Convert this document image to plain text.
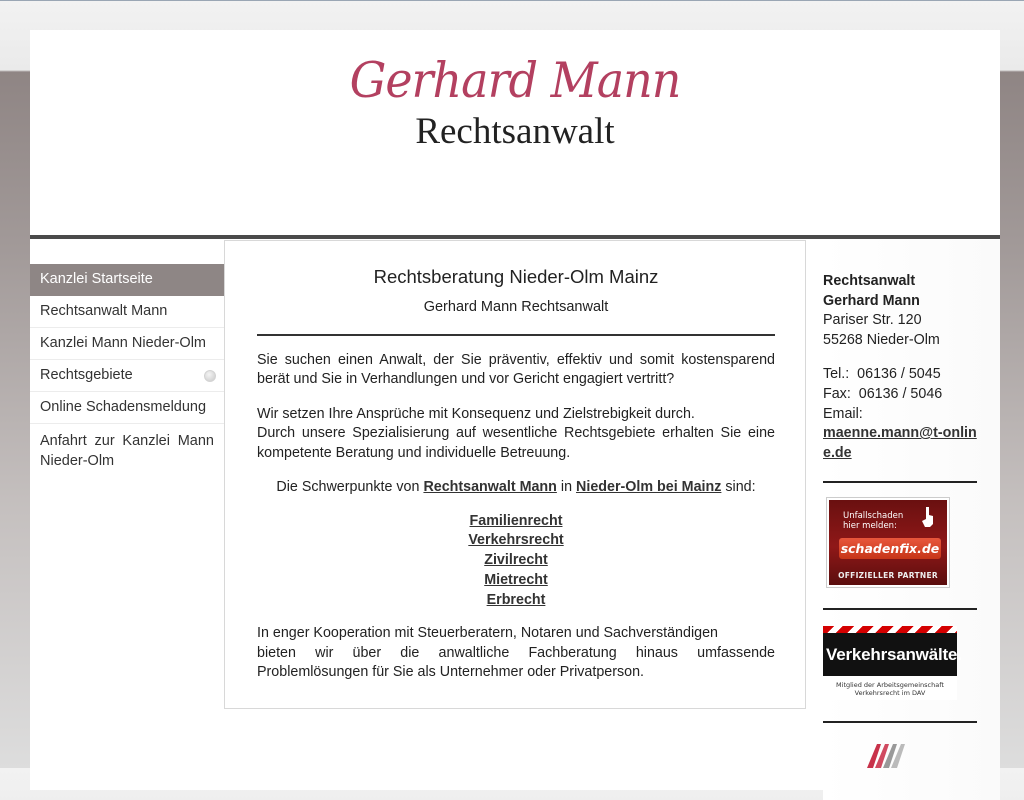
Gerhard Mann
Rechtsanwalt
Kanzlei Startseite
Rechtsanwalt Mann
Kanzlei Mann Nieder-Olm
Rechtsgebiete
Online Schadensmeldung
Anfahrt zur Kanzlei Mann Nieder-Olm
Rechtsberatung Nieder-Olm Mainz

Gerhard Mann Rechtsanwalt

Sie suchen einen Anwalt, der Sie präventiv, effektiv und somit kostensparend berät und Sie in Verhandlungen und vor Gericht engagiert vertritt?

Wir setzen Ihre Ansprüche mit Konsequenz und Zielstrebigkeit durch.
Durch unsere Spezialisierung auf wesentliche Rechtsgebiete erhalten Sie eine kompetente Beratung und individuelle Betreuung.

Die Schwerpunkte von Rechtsanwalt Mann in Nieder-Olm bei Mainz sind:

Familienrecht
Verkehrsrecht
Zivilrecht
Mietrecht
Erbrecht

In enger Kooperation mit Steuerberatern, Notaren und Sachverständigen

bieten wir über die anwaltliche Fachberatung hinaus umfassende Problemlösungen für Sie als Unternehmer oder Privatperson.

Rechtsanwalt
Gerhard Mann
Pariser Str. 120
55268 Nieder-Olm
Tel.:  06136 / 5045
Fax:  06136 / 5046
Email:
maenne.mann@t-online.de
Unfallschaden
hier melden:
schadenfix.de
OFFIZIELLER PARTNER
Verkehrsanwälte.
Mitglied der Arbeitsgemeinschaft
Verkehrsrecht im DAV
